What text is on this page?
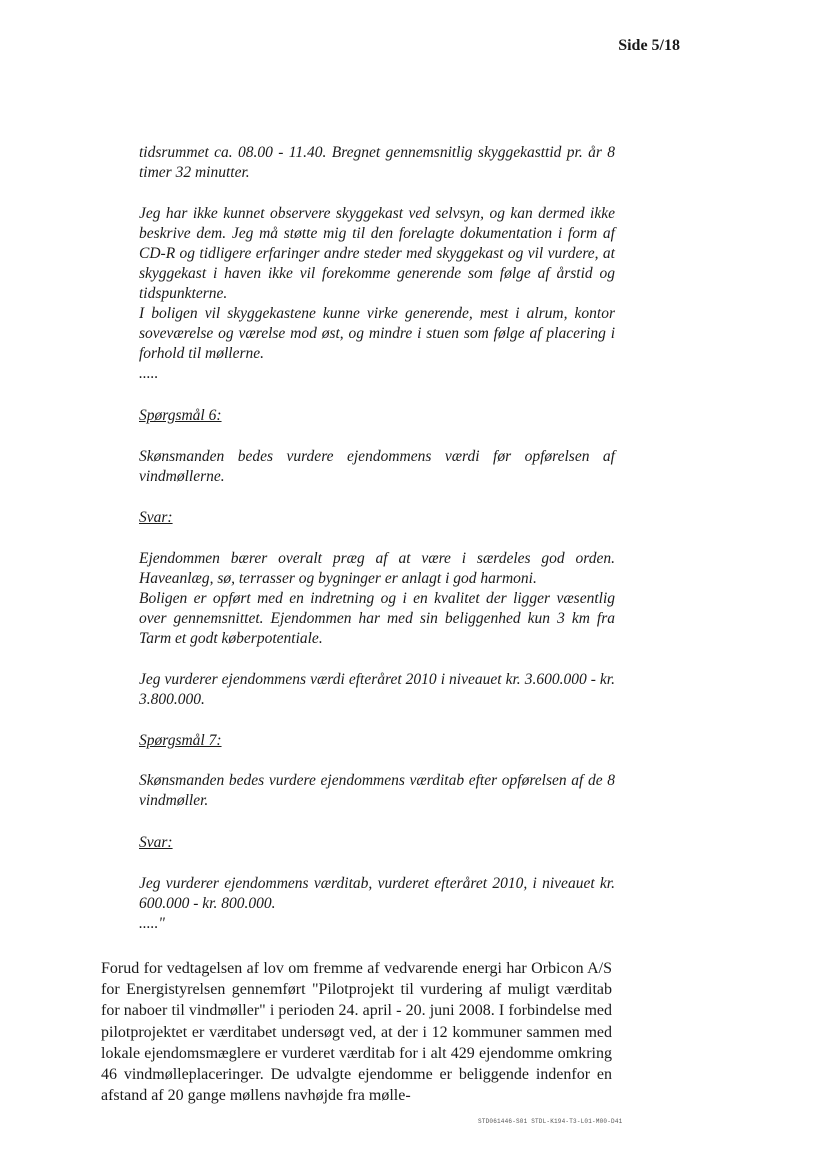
Side 5/18

tidsrummet ca. 08.00 - 11.40. Bregnet gennemsnitlig skyggekasttid pr. år 8 timer 32 minutter.

Jeg har ikke kunnet observere skyggekast ved selvsyn, og kan dermed ikke beskrive dem. Jeg må støtte mig til den forelagte dokumentation i form af CD-R og tidligere erfaringer andre steder med skyggekast og vil vurdere, at skyggekast i haven ikke vil forekomme generende som følge af årstid og tidspunkterne.

I boligen vil skyggekastene kunne virke generende, mest i alrum, kontor soveværelse og værelse mod øst, og mindre i stuen som følge af placering i forhold til møllerne.

.....

Spørgsmål 6:

Skønsmanden bedes vurdere ejendommens værdi før opførelsen af vindmøllerne.

Svar:

Ejendommen bærer overalt præg af at være i særdeles god orden. Haveanlæg, sø, terrasser og bygninger er anlagt i god harmoni.

Boligen er opført med en indretning og i en kvalitet der ligger væsentlig over gennemsnittet. Ejendommen har med sin beliggenhed kun 3 km fra Tarm et godt køberpotentiale.

Jeg vurderer ejendommens værdi efteråret 2010 i niveauet kr. 3.600.000 - kr. 3.800.000.

Spørgsmål 7:

Skønsmanden bedes vurdere ejendommens værditab efter opførelsen af de 8 vindmøller.

Svar:

Jeg vurderer ejendommens værditab, vurderet efteråret 2010, i niveauet kr. 600.000 - kr. 800.000.

....."

Forud for vedtagelsen af lov om fremme af vedvarende energi har Orbicon A/S for Energistyrelsen gennemført "Pilotprojekt til vurdering af muligt værditab for naboer til vindmøller" i perioden 24. april - 20. juni 2008. I forbindelse med pilotprojektet er værditabet undersøgt ved, at der i 12 kommuner sammen med lokale ejendomsmæglere er vurderet værditab for i alt 429 ejendomme omkring 46 vindmølleplaceringer. De udvalgte ejendomme er beliggende indenfor en afstand af 20 gange møllens navhøjde fra mølle-

STD061446-S01 STDL-K194-T3-L01-M00-D41
